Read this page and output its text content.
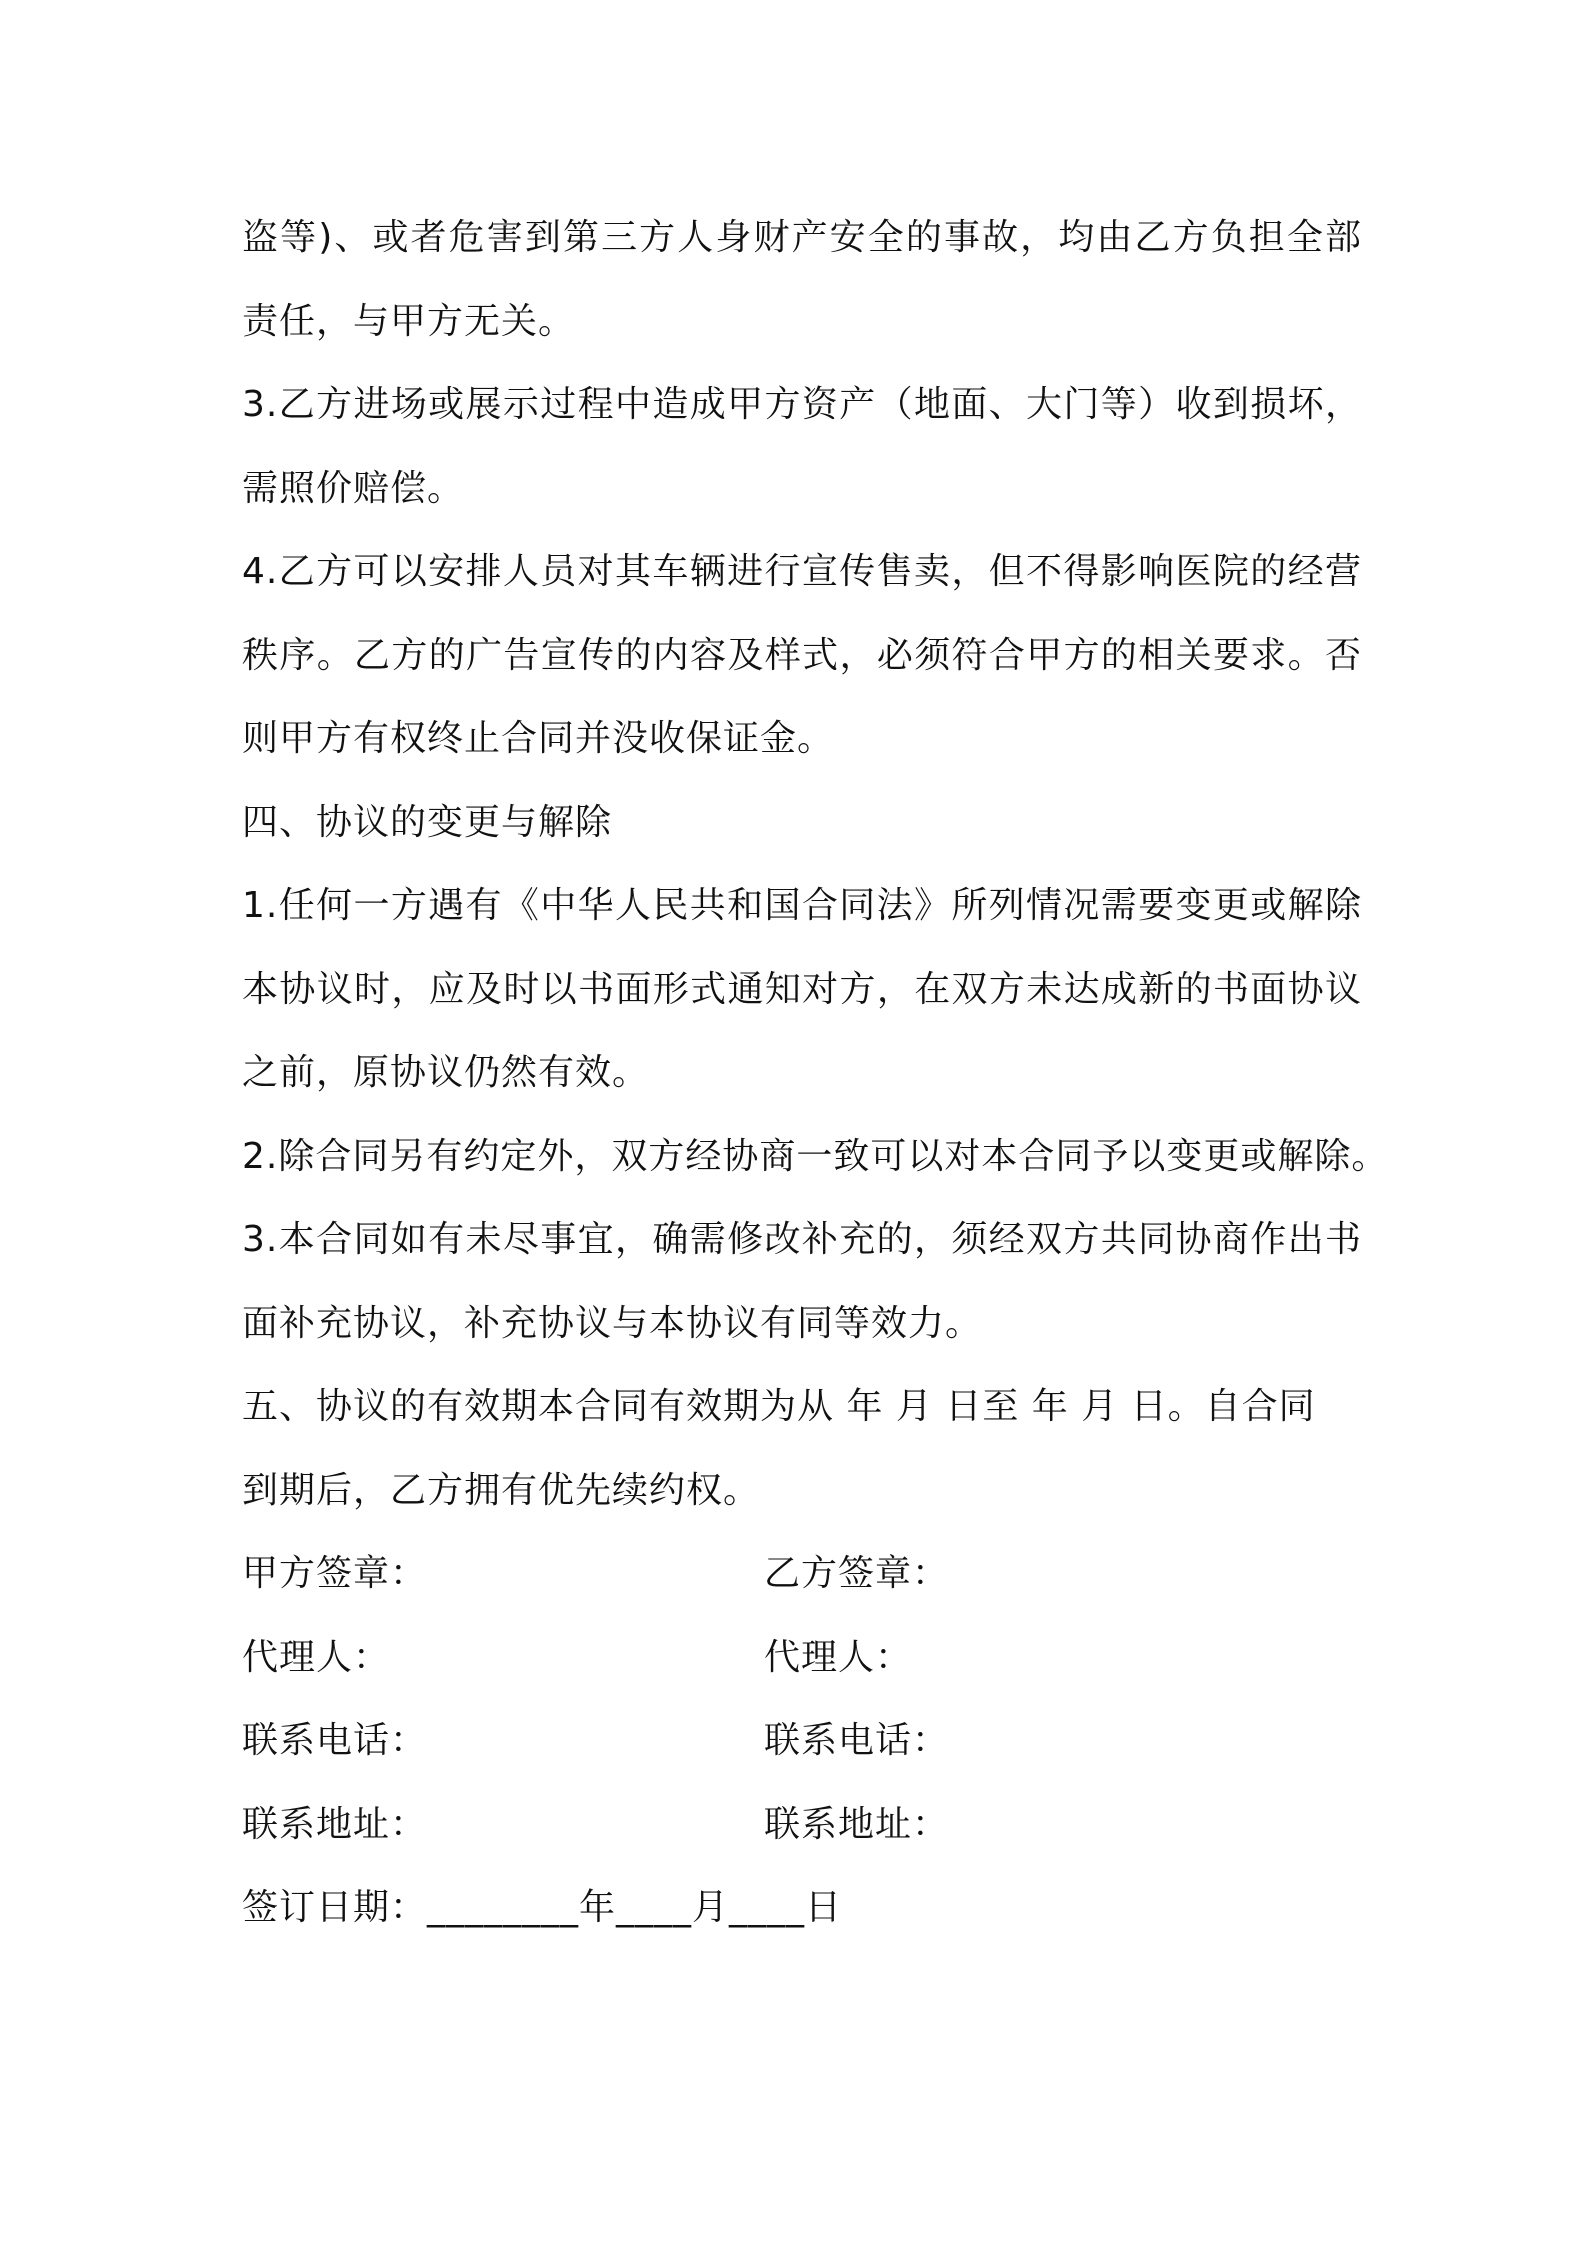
盗等)、或者危害到第三方人身财产安全的事故，均由乙方负担全部
责任，与甲方无关。
3.乙方进场或展示过程中造成甲方资产（地面、大门等）收到损坏，
需照价赔偿。
4.乙方可以安排人员对其车辆进行宣传售卖，但不得影响医院的经营
秩序。乙方的广告宣传的内容及样式，必须符合甲方的相关要求。否
则甲方有权终止合同并没收保证金。
四、协议的变更与解除
1.任何一方遇有《中华人民共和国合同法》所列情况需要变更或解除
本协议时，应及时以书面形式通知对方，在双方未达成新的书面协议
之前，原协议仍然有效。
2.除合同另有约定外，双方经协商一致可以对本合同予以变更或解除。
3.本合同如有未尽事宜，确需修改补充的，须经双方共同协商作出书
面补充协议，补充协议与本协议有同等效力。
五、协议的有效期本合同有效期为从 年 月 日至 年 月 日。自合同
到期后，乙方拥有优先续约权。
甲方签章：	乙方签章：
代理人：	代理人：
联系电话：	联系电话：
联系地址：	联系地址：
签订日期：________年____月____日
